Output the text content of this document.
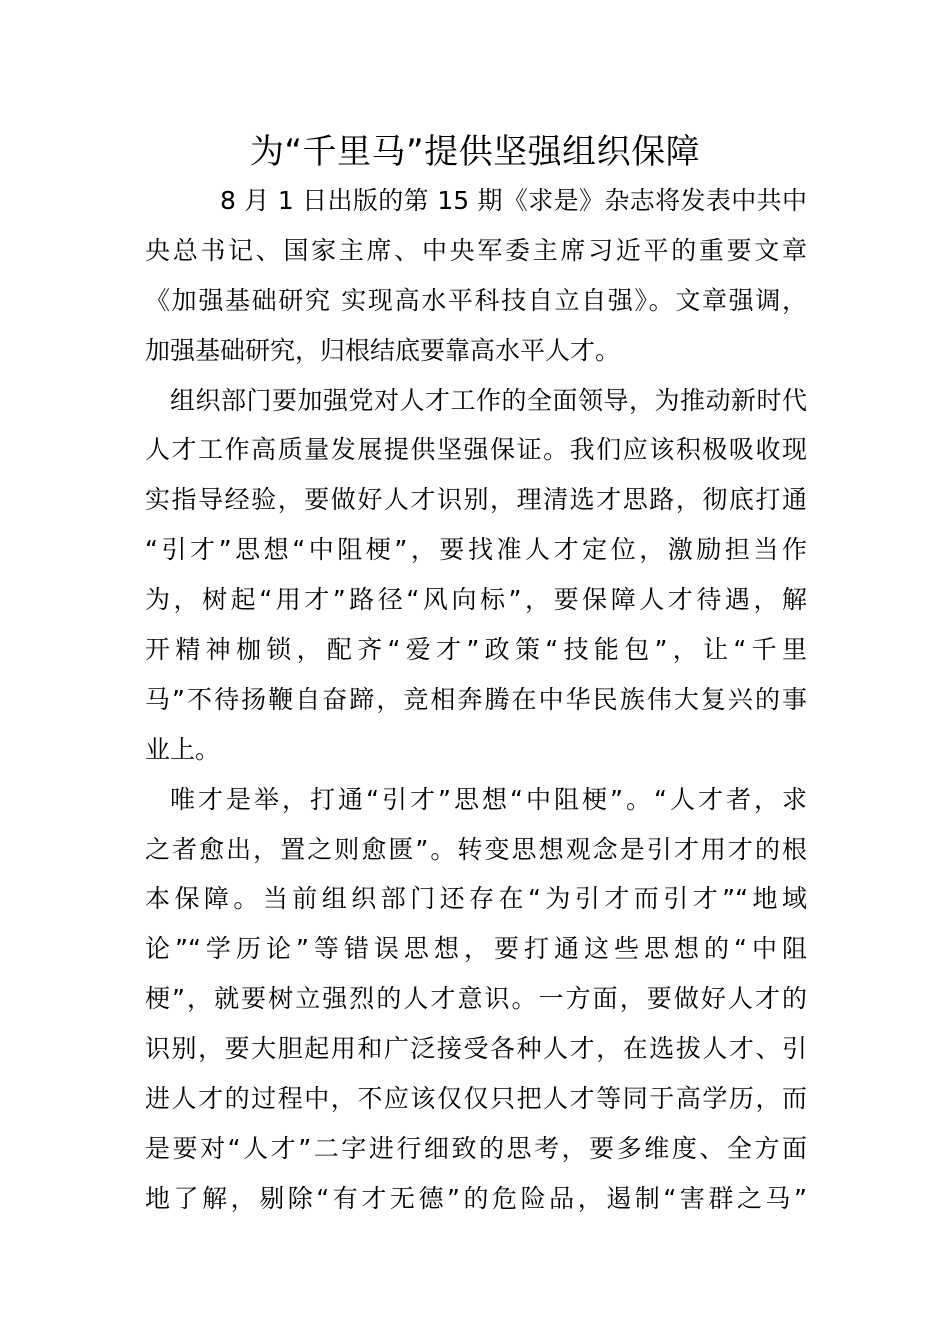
为“千里马”提供坚强组织保障
8 月 1 日出版的第 15 期《求是》杂志将发表中共中
央总书记、国家主席、中央军委主席习近平的重要文章
《加强基础研究 实现高水平科技自立自强》。文章强调，
加强基础研究，归根结底要靠高水平人才。
组织部门要加强党对人才工作的全面领导，为推动新时代
人才工作高质量发展提供坚强保证。我们应该积极吸收现
实指导经验，要做好人才识别，理清选才思路，彻底打通
“引才”思想“中阻梗”，要找准人才定位，激励担当作
为，树起“用才”路径“风向标”，要保障人才待遇，解
开精神枷锁，配齐“爱才”政策“技能包”，让“千里
马”不待扬鞭自奋蹄，竞相奔腾在中华民族伟大复兴的事
业上。
唯才是举，打通“引才”思想“中阻梗”。“人才者，求
之者愈出，置之则愈匮”。转变思想观念是引才用才的根
本保障。当前组织部门还存在“为引才而引才”“地域
论”“学历论”等错误思想，要打通这些思想的“中阻
梗”，就要树立强烈的人才意识。一方面，要做好人才的
识别，要大胆起用和广泛接受各种人才，在选拔人才、引
进人才的过程中，不应该仅仅只把人才等同于高学历，而
是要对“人才”二字进行细致的思考，要多维度、全方面
地了解，剔除“有才无德”的危险品，遏制“害群之马”
